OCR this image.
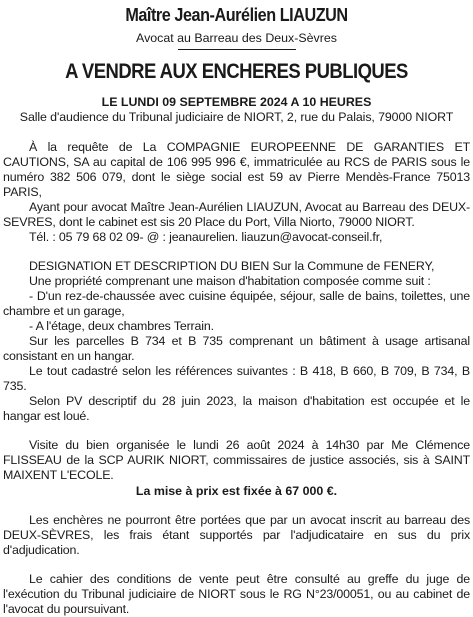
Maître Jean-Aurélien LIAUZUN
Avocat au Barreau des Deux-Sèvres
A VENDRE AUX ENCHERES PUBLIQUES
LE LUNDI 09 SEPTEMBRE 2024 A 10 HEURES
Salle d'audience du Tribunal judiciaire de NIORT, 2, rue du Palais, 79000 NIORT

À la requête de La COMPAGNIE EUROPEENNE DE GARANTIES ET CAUTIONS, SA au capital de 106 995 996 €, immatriculée au RCS de PARIS sous le numéro 382 506 079, dont le siège social est 59 av Pierre Mendès-France 75013 PARIS,

Ayant pour avocat Maître Jean-Aurélien LIAUZUN, Avocat au Barreau des DEUX-SEVRES, dont le cabinet est sis 20 Place du Port, Villa Niorto, 79000 NIORT.

Tél. : 05 79 68 02 09- @ : jeanaurelien. liauzun@avocat-conseil.fr,

DESIGNATION ET DESCRIPTION DU BIEN Sur la Commune de FENERY,

Une propriété comprenant une maison d'habitation composée comme suit :

- D'un rez-de-chaussée avec cuisine équipée, séjour, salle de bains, toilettes, une chambre et un garage,

- A l'étage, deux chambres Terrain.

Sur les parcelles B 734 et B 735 comprenant un bâtiment à usage artisanal consistant en un hangar.

Le tout cadastré selon les références suivantes : B 418, B 660, B 709, B 734, B 735.

Selon PV descriptif du 28 juin 2023, la maison d'habitation est occupée et le hangar est loué.

Visite du bien organisée le lundi 26 août 2024 à 14h30 par Me Clémence FLISSEAU de la SCP AURIK NIORT, commissaires de justice associés, sis à SAINT MAIXENT L'ECOLE.

La mise à prix est fixée à 67 000 €.

Les enchères ne pourront être portées que par un avocat inscrit au barreau des DEUX-SÈVRES, les frais étant supportés par l'adjudicataire en sus du prix d'adjudication.

Le cahier des conditions de vente peut être consulté au greffe du juge de l'exécution du Tribunal judiciaire de NIORT sous le RG N°23/00051, ou au cabinet de l'avocat du poursuivant.
